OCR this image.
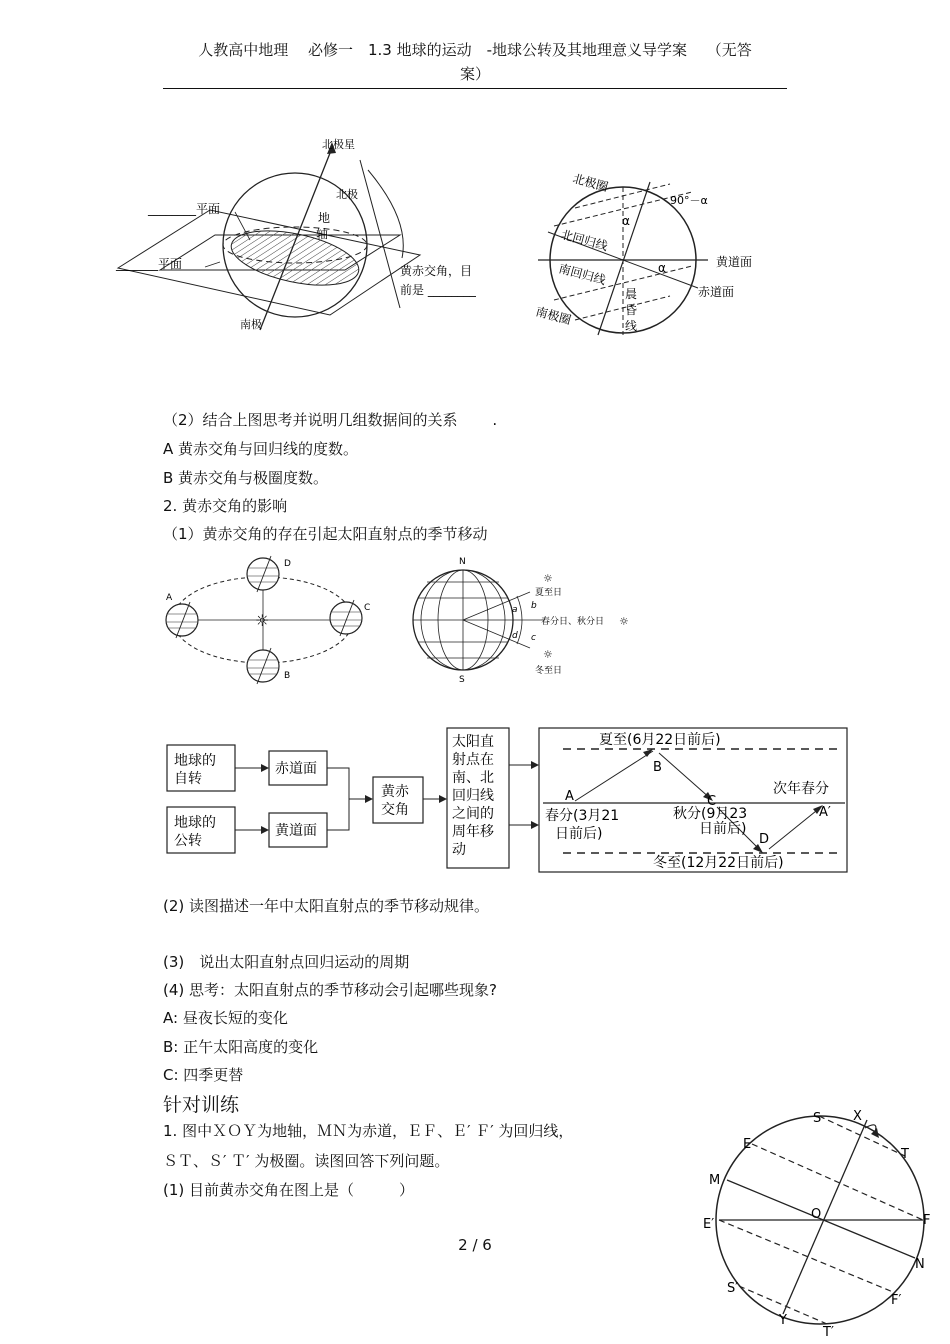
人教高中地理　 必修一　1.3 地球的运动　-地球公转及其地理意义导学案　 （无答
案）
北极星
北极
地
轴
________平面
_______平面	黄赤交角，目
前是 ________
南极
北极圈
90°－α
α
北回归线
α
南回归线
南极圈
晨
昏
线
黄道面
赤道面
（2）结合上图思考并说明几组数据间的关系　　 .
A 黄赤交角与回归线的度数。
B 黄赤交角与极圈度数。
2. 黄赤交角的影响
（1）黄赤交角的存在引起太阳直射点的季节移动
☼
A
B
C
D	N
S
☼
夏至日
春分日、秋分日 ☼
☼
冬至日
a b
c
d
地球的
自转
地球的
公转
赤道面
黄道面
黄赤
交角
太阳直
射点在
南、北
回归线
之间的
周年移
动
夏至(6月22日前后)
A
春分(3月21
日前后)
B
C
秋分(9月23
日前后)
D
次年春分
A′
冬至(12月22日前后)
(2) 读图描述一年中太阳直射点的季节移动规律。
(3)　说出太阳直射点回归运动的周期
(4) 思考：太阳直射点的季节移动会引起哪些现象?
A: 昼夜长短的变化
B: 正午太阳高度的变化
C: 四季更替
针对训练
1. 图中ＸＯＹ为地轴，ＭＮ为赤道，ＥＦ、Ｅ′ Ｆ′ 为回归线，
ＳＴ、Ｓ′ Ｔ′ 为极圈。读图回答下列问题。
(1) 目前黄赤交角在图上是（　　　）
S X
T
E
M
O
E′	F
N
S′
F′
Y
T′
2 / 6
